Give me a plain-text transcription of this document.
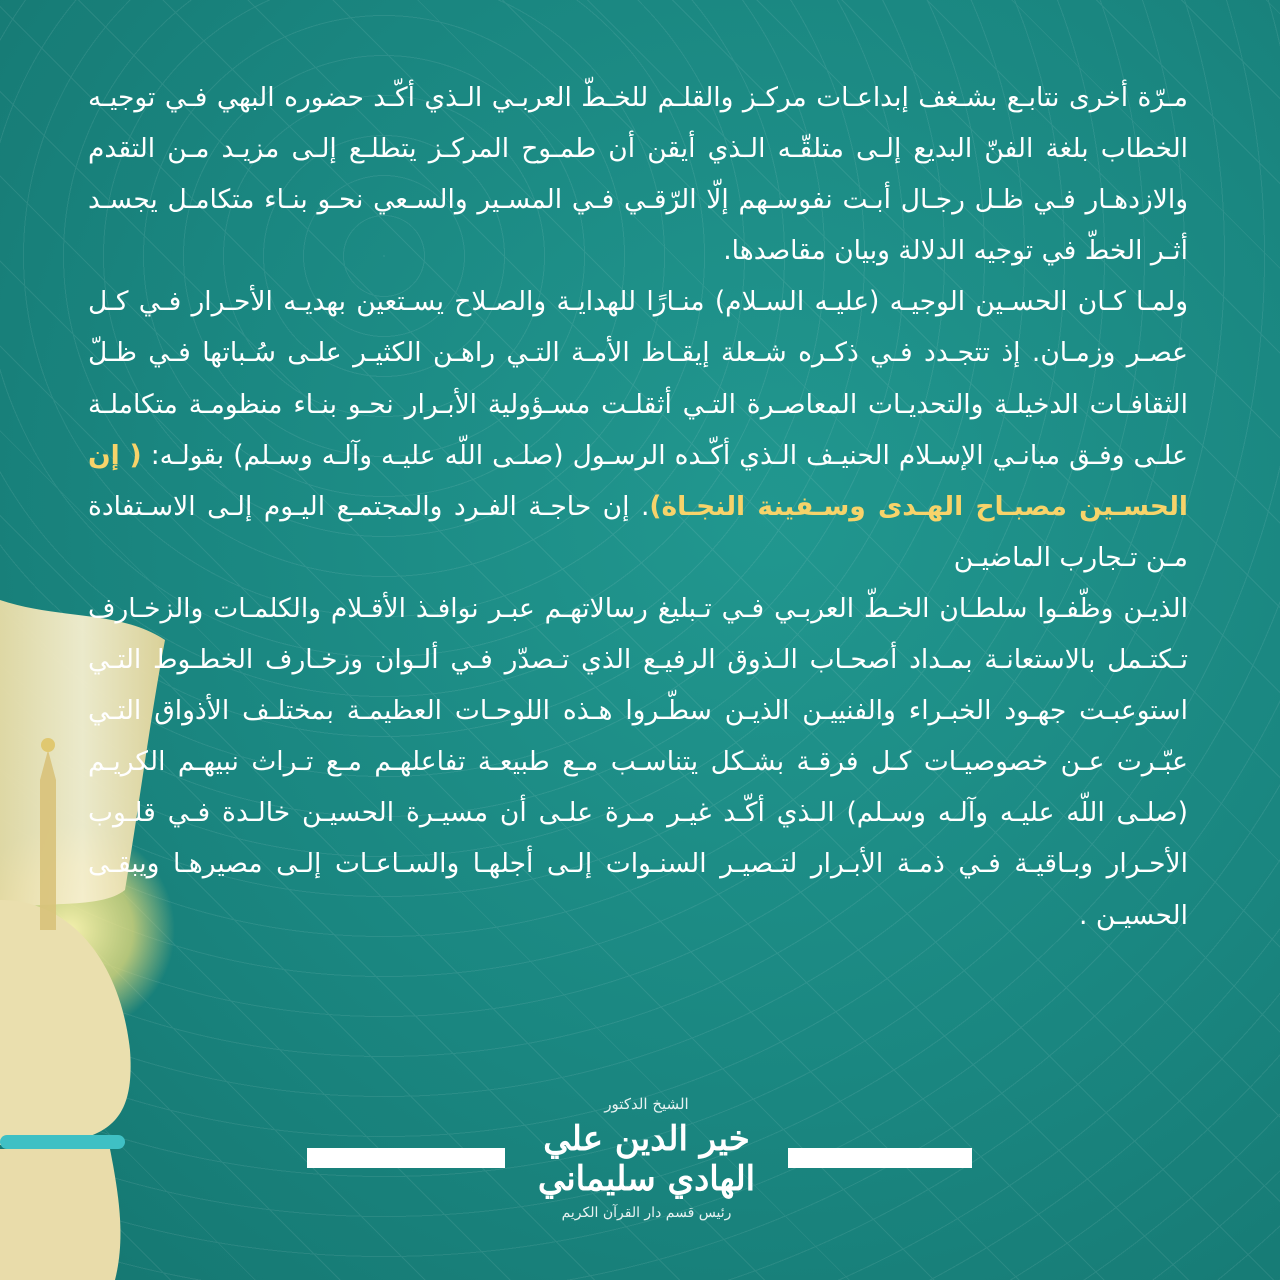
مـرّة أخرى نتابـع بشـغف إبداعـات مركـز والقلـم للخـطّ العربـي الـذي أكّـد حضوره البهي فـي توجيـه الخطاب بلغة الفنّ البديع إلـى متلقّـه الـذي أيقن أن طمـوح المركـز يتطلـع إلـى مزيـد مـن التقدم والازدهـار فـي ظـل رجـال أبـت نفوسـهم إلّا الرّقـي فـي المسـير والسـعي نحـو بنـاء متكامـل يجسـد أثـر الخطّ في توجيه الدلالة وبيان مقاصدها.

ولمـا كـان الحسـين الوجيـه (عليـه السـلام) منـارًا للهدايـة والصـلاح يسـتعين بهديـه الأحـرار فـي كـل عصـر وزمـان. إذ تتجـدد فـي ذكـره شـعلة إيقـاظ الأمـة التـي راهـن الكثيـر علـى سُـباتها فـي ظـلّ الثقافـات الدخيلـة والتحديـات المعاصـرة التـي أثقلـت مسـؤولية الأبـرار نحـو بنـاء منظومـة متكاملـة علـى وفـق مبانـي الإسـلام الحنيـف الـذي أكّـده الرسـول (صلـى اللّه عليـه وآلـه وسـلم) بقولـه: ( إن الحسـين مصبـاح الهـدى وسـفينة النجـاة). إن حاجـة الفـرد والمجتمـع اليـوم إلـى الاسـتفادة مـن تـجارب الماضيـن

الذيـن وظّفـوا سلطـان الخـطّ العربـي فـي تـبليغ رسالاتهـم عبـر نوافـذ الأقـلام والكلمـات والزخـارف تـكتـمل بالاستعانـة بمـداد أصحـاب الـذوق الرفيـع الذي تـصدّر فـي ألـوان وزخـارف الخطـوط التـي استوعبـت جهـود الخبـراء والفنييـن الذيـن سطّـروا هـذه اللوحـات العظيمـة بمختلـف الأذواق التـي عبّـرت عـن خصوصيـات كـل فرقـة بشـكل يتناسـب مـع طبيعـة تفاعلهـم مـع تـراث نبيهـم الكريـم (صلـى اللّه عليـه وآلـه وسـلم) الـذي أكّـد غيـر مـرة علـى أن مسيـرة الحسيـن خالـدة فـي قلـوب الأحـرار وبـاقيـة فـي ذمـة الأبـرار لتـصيـر السنـوات إلـى أجلهـا والسـاعـات إلـى مصيرهـا ويبقـى الحسيـن .

الشيخ الدكتور
خير الدين علي الهادي سليماني
رئيس قسم دار القرآن الكريم
